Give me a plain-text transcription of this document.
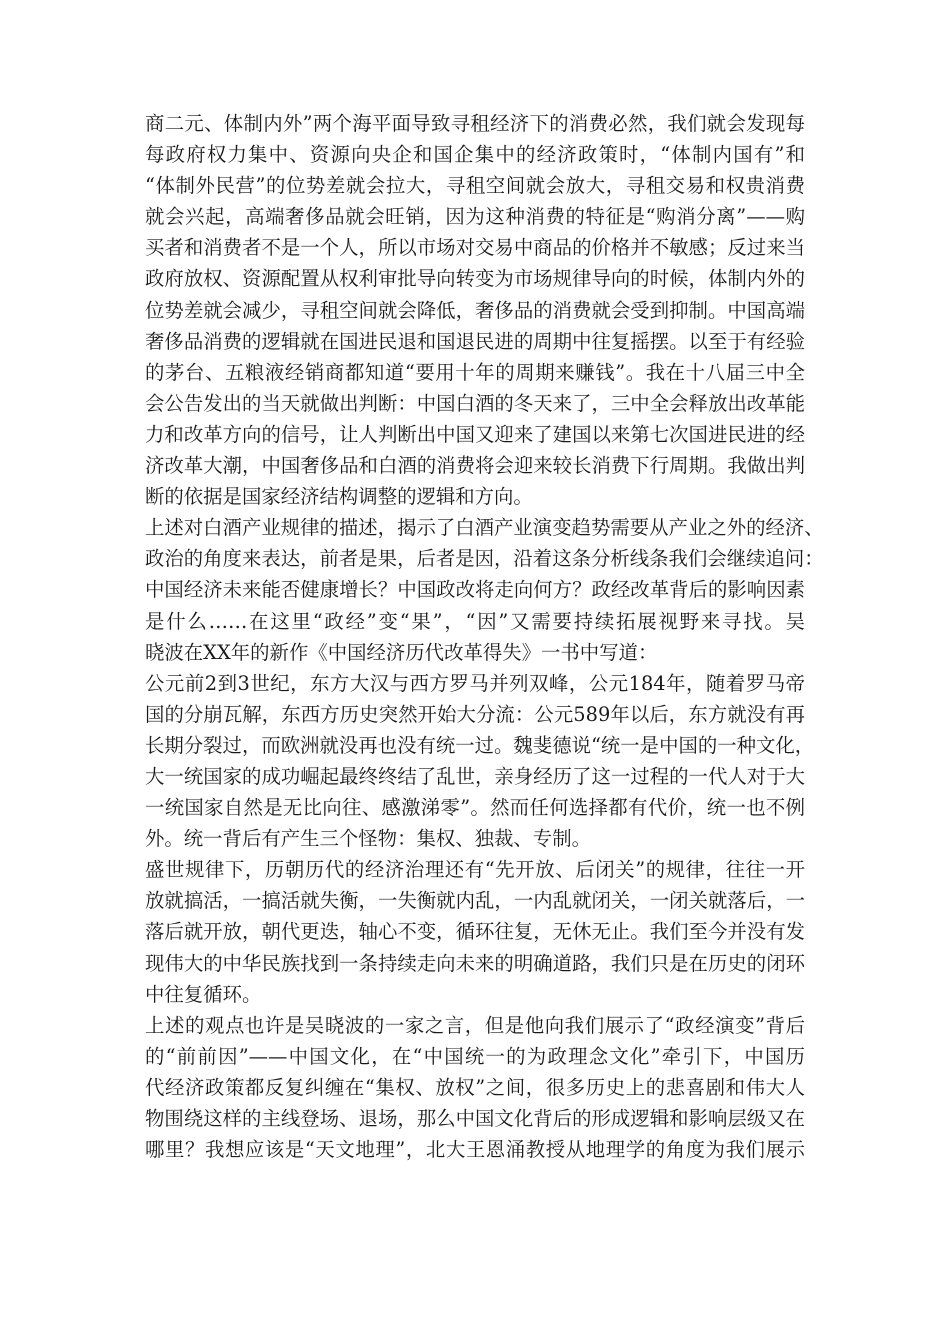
商二元、体制内外”两个海平面导致寻租经济下的消费必然，我们就会发现每
每政府权力集中、资源向央企和国企集中的经济政策时，“体制内国有”和
“体制外民营”的位势差就会拉大，寻租空间就会放大，寻租交易和权贵消费
就会兴起，高端奢侈品就会旺销，因为这种消费的特征是“购消分离”——购
买者和消费者不是一个人，所以市场对交易中商品的价格并不敏感；反过来当
政府放权、资源配置从权利审批导向转变为市场规律导向的时候，体制内外的
位势差就会减少，寻租空间就会降低，奢侈品的消费就会受到抑制。中国高端
奢侈品消费的逻辑就在国进民退和国退民进的周期中往复摇摆。以至于有经验
的茅台、五粮液经销商都知道“要用十年的周期来赚钱”。我在十八届三中全
会公告发出的当天就做出判断：中国白酒的冬天来了，三中全会释放出改革能
力和改革方向的信号，让人判断出中国又迎来了建国以来第七次国进民进的经
济改革大潮，中国奢侈品和白酒的消费将会迎来较长消费下行周期。我做出判
断的依据是国家经济结构调整的逻辑和方向。
上述对白酒产业规律的描述，揭示了白酒产业演变趋势需要从产业之外的经济、
政治的角度来表达，前者是果，后者是因，沿着这条分析线条我们会继续追问：
中国经济未来能否健康增长？中国政改将走向何方？政经改革背后的影响因素
是什么……在这里“政经”变“果”，“因”又需要持续拓展视野来寻找。吴
晓波在XX年的新作《中国经济历代改革得失》一书中写道：
公元前2到3世纪，东方大汉与西方罗马并列双峰，公元184年，随着罗马帝
国的分崩瓦解，东西方历史突然开始大分流：公元589年以后，东方就没有再
长期分裂过，而欧洲就没再也没有统一过。魏斐德说“统一是中国的一种文化，
大一统国家的成功崛起最终终结了乱世，亲身经历了这一过程的一代人对于大
一统国家自然是无比向往、感激涕零”。然而任何选择都有代价，统一也不例
外。统一背后有产生三个怪物：集权、独裁、专制。
盛世规律下，历朝历代的经济治理还有“先开放、后闭关”的规律，往往一开
放就搞活，一搞活就失衡，一失衡就内乱，一内乱就闭关，一闭关就落后，一
落后就开放，朝代更迭，轴心不变，循环往复，无休无止。我们至今并没有发
现伟大的中华民族找到一条持续走向未来的明确道路，我们只是在历史的闭环
中往复循环。
上述的观点也许是吴晓波的一家之言，但是他向我们展示了“政经演变”背后
的“前前因”——中国文化，在“中国统一的为政理念文化”牵引下，中国历
代经济政策都反复纠缠在“集权、放权”之间，很多历史上的悲喜剧和伟大人
物围绕这样的主线登场、退场，那么中国文化背后的形成逻辑和影响层级又在
哪里？我想应该是“天文地理”，北大王恩涌教授从地理学的角度为我们展示
